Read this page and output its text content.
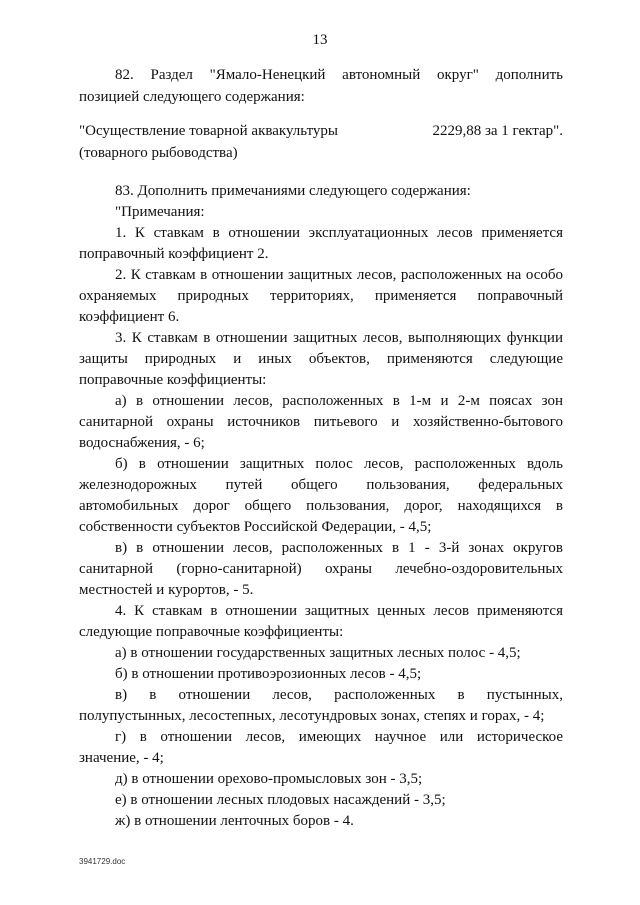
13
82. Раздел "Ямало-Ненецкий автономный округ" дополнить
позицией следующего содержания:
"Осуществление товарной аквакультуры	2229,88 за 1 гектар".
(товарного рыбоводства)
83. Дополнить примечаниями следующего содержания:
"Примечания:
1. К ставкам в отношении эксплуатационных лесов применяется
поправочный коэффициент 2.
2. К ставкам в отношении защитных лесов, расположенных на особо
охраняемых природных территориях, применяется поправочный
коэффициент 6.
3. К ставкам в отношении защитных лесов, выполняющих функции
защиты природных и иных объектов, применяются следующие
поправочные коэффициенты:
а) в отношении лесов, расположенных в 1-м и 2-м поясах зон
санитарной охраны источников питьевого и хозяйственно-бытового
водоснабжения, - 6;
б) в отношении защитных полос лесов, расположенных вдоль
железнодорожных путей общего пользования, федеральных
автомобильных дорог общего пользования, дорог, находящихся в
собственности субъектов Российской Федерации, - 4,5;
в) в отношении лесов, расположенных в 1 - 3-й зонах округов
санитарной (горно-санитарной) охраны лечебно-оздоровительных
местностей и курортов, - 5.
4. К ставкам в отношении защитных ценных лесов применяются
следующие поправочные коэффициенты:
а) в отношении государственных защитных лесных полос - 4,5;
б) в отношении противоэрозионных лесов - 4,5;
в) в отношении лесов, расположенных в пустынных,
полупустынных, лесостепных, лесотундровых зонах, степях и горах, - 4;
г) в отношении лесов, имеющих научное или историческое
значение, - 4;
д) в отношении орехово-промысловых зон - 3,5;
е) в отношении лесных плодовых насаждений - 3,5;
ж) в отношении ленточных боров - 4.
3941729.doc
